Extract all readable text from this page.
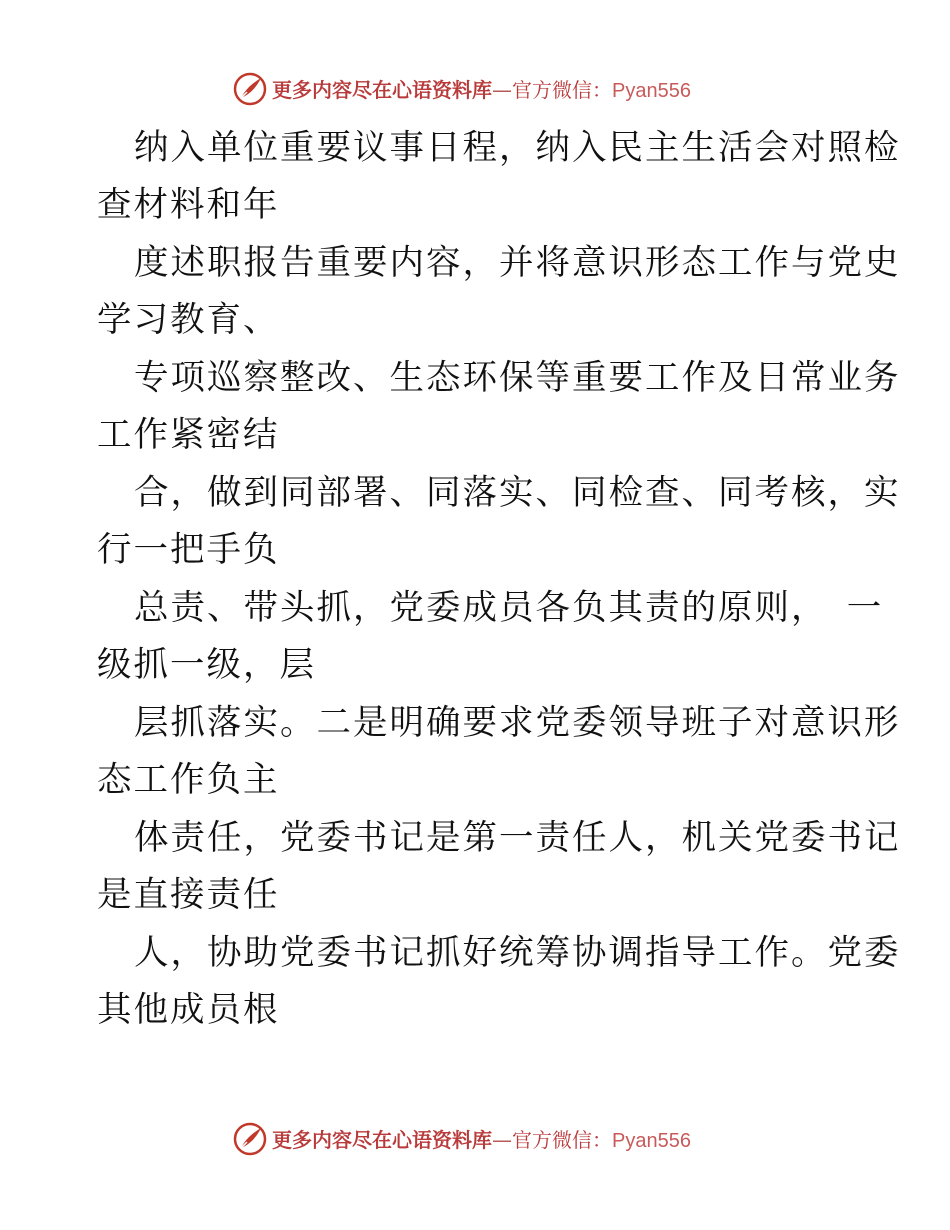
更多内容尽在心语资料库—官方微信：Pyan556
纳入单位重要议事日程，纳入民主生活会对照检
查材料和年
度述职报告重要内容，并将意识形态工作与党史
学习教育、
专项巡察整改、生态环保等重要工作及日常业务
工作紧密结
合，做到同部署、同落实、同检查、同考核，实
行一把手负
总责、带头抓，党委成员各负其责的原则，　一
级抓一级，层
层抓落实。二是明确要求党委领导班子对意识形
态工作负主
体责任，党委书记是第一责任人，机关党委书记
是直接责任
人，协助党委书记抓好统筹协调指导工作。党委
其他成员根
更多内容尽在心语资料库—官方微信：Pyan556
